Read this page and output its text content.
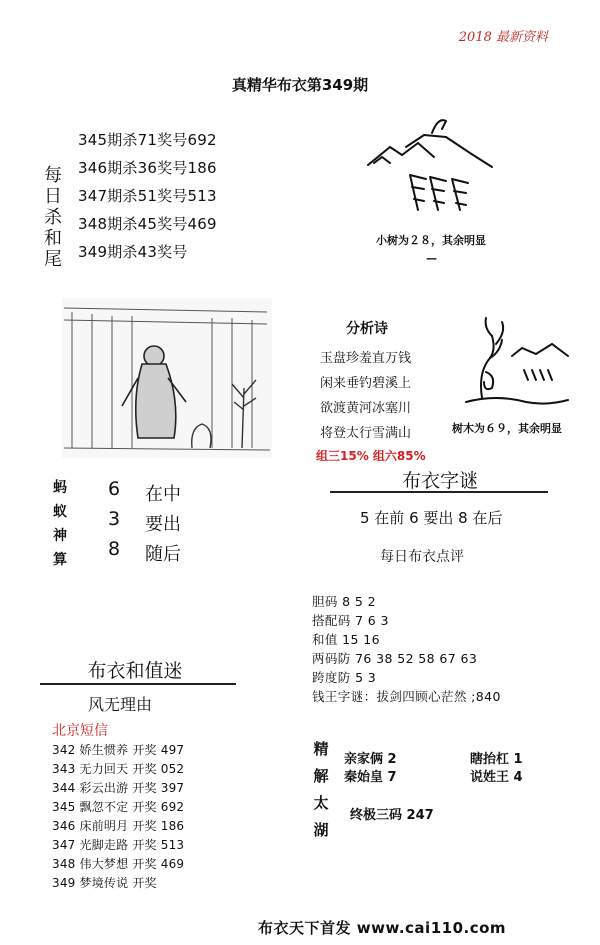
2018 最新资料
真精华布衣第349期
345期杀71奖号692
346期杀36奖号186
347期杀51奖号513
348期杀45奖号469
349期杀43奖号
每日杀和尾
小树为２８，其余明显
—
分析诗
玉盘珍羞直万钱
闲来垂钓碧溪上
欲渡黄河冰塞川
将登太行雪满山
组三15% 组六85%
树木为６９，其余明显
布衣字谜
5 在前 6 要出 8 在后
蚂蚁神算
6 在中
3 要出
8 随后	每日布衣点评
胆码 8 5 2
搭配码 7 6 3
和值 15 16
两码防 76 38 52 58 67 63
跨度防 5 3
钱王字谜：拔剑四顾心茫然 ;840
布衣和值迷
风无理由
北京短信
342 娇生惯养 开奖 497
343 无力回天 开奖 052
344 彩云出游 开奖 397
345 飘忽不定 开奖 692
346 床前明月 开奖 186
347 光脚走路 开奖 513
348 伟大梦想 开奖 469
349 梦境传说 开奖
精解太湖
亲家俩 2	瞎抬杠 1
秦始皇 7	说姓王 4
终极三码 247
布衣天下首发 www.cai110.com
